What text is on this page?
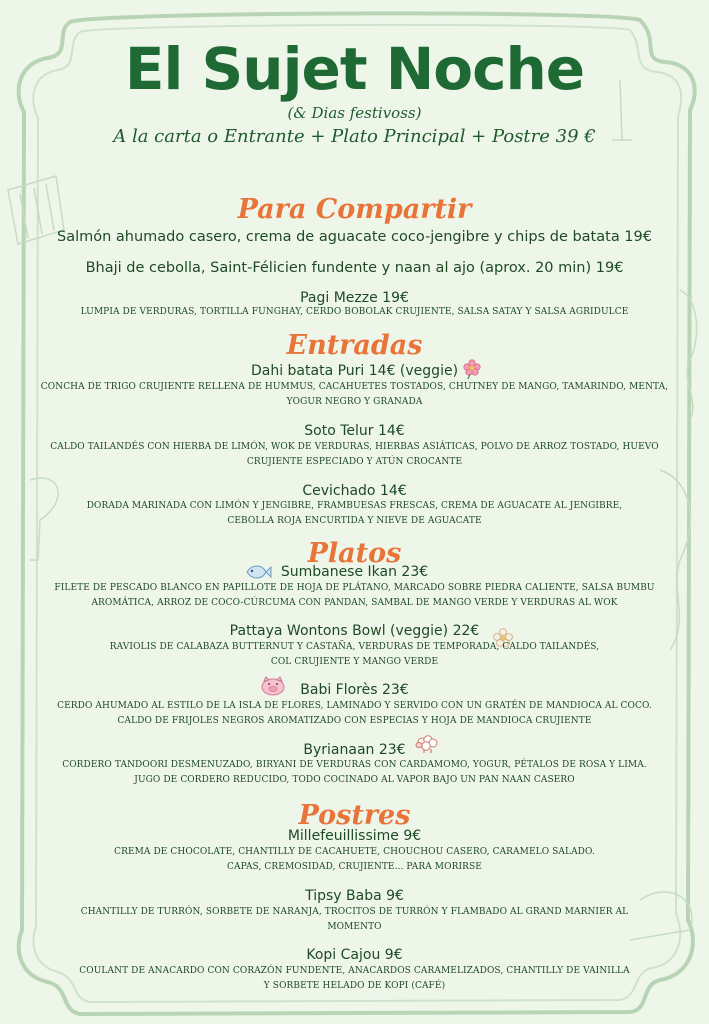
El Sujet Noche
(& Dias festivoss)
A la carta o Entrante + Plato Principal + Postre 39 €
Para Compartir
Salmón ahumado casero, crema de aguacate coco-jengibre y chips de batata 19€
Bhaji de cebolla, Saint-Félicien fundente y naan al ajo (aprox. 20 min) 19€
Pagi Mezze 19€
LUMPIA DE VERDURAS, TORTILLA FUNGHAY, CERDO BOBOLAK CRUJIENTE, SALSA SATAY Y SALSA AGRIDULCE
Entradas
Dahi batata Puri 14€ (veggie)
CONCHA DE TRIGO CRUJIENTE RELLENA DE HUMMUS, CACAHUETES TOSTADOS, CHUTNEY DE MANGO, TAMARINDO, MENTA,
YOGUR NEGRO Y GRANADA
Soto Telur 14€
CALDO TAILANDÉS CON HIERBA DE LIMÓN, WOK DE VERDURAS, HIERBAS ASIÁTICAS, POLVO DE ARROZ TOSTADO, HUEVO
CRUJIENTE ESPECIADO Y ATÚN CROCANTE
Cevichado 14€
DORADA MARINADA CON LIMÓN Y JENGIBRE, FRAMBUESAS FRESCAS, CREMA DE AGUACATE AL JENGIBRE,
CEBOLLA ROJA ENCURTIDA Y NIEVE DE AGUACATE
Platos
Sumbanese Ikan 23€
FILETE DE PESCADO BLANCO EN PAPILLOTE DE HOJA DE PLÁTANO, MARCADO SOBRE PIEDRA CALIENTE, SALSA BUMBU
AROMÁTICA, ARROZ DE COCO-CÚRCUMA CON PANDAN, SAMBAL DE MANGO VERDE Y VERDURAS AL WOK
Pattaya Wontons Bowl (veggie) 22€
RAVIOLIS DE CALABAZA BUTTERNUT Y CASTAÑA, VERDURAS DE TEMPORADA, CALDO TAILANDÉS,
COL CRUJIENTE Y MANGO VERDE
Babi Florès 23€
CERDO AHUMADO AL ESTILO DE LA ISLA DE FLORES, LAMINADO Y SERVIDO CON UN GRATÉN DE MANDIOCA AL COCO.
CALDO DE FRIJOLES NEGROS AROMATIZADO CON ESPECIAS Y HOJA DE MANDIOCA CRUJIENTE
Byrianaan 23€
CORDERO TANDOORI DESMENUZADO, BIRYANI DE VERDURAS CON CARDAMOMO, YOGUR, PÉTALOS DE ROSA Y LIMA.
JUGO DE CORDERO REDUCIDO, TODO COCINADO AL VAPOR BAJO UN PAN NAAN CASERO
Postres
Millefeuillissime 9€
CREMA DE CHOCOLATE, CHANTILLY DE CACAHUETE, CHOUCHOU CASERO, CARAMELO SALADO.
CAPAS, CREMOSIDAD, CRUJIENTE... PARA MORIRSE
Tipsy Baba 9€
CHANTILLY DE TURRÓN, SORBETE DE NARANJA, TROCITOS DE TURRÓN Y FLAMBADO AL GRAND MARNIER AL
MOMENTO
Kopi Cajou 9€
COULANT DE ANACARDO CON CORAZÓN FUNDENTE, ANACARDOS CARAMELIZADOS, CHANTILLY DE VAINILLA
Y SORBETE HELADO DE KOPI (CAFÉ)
